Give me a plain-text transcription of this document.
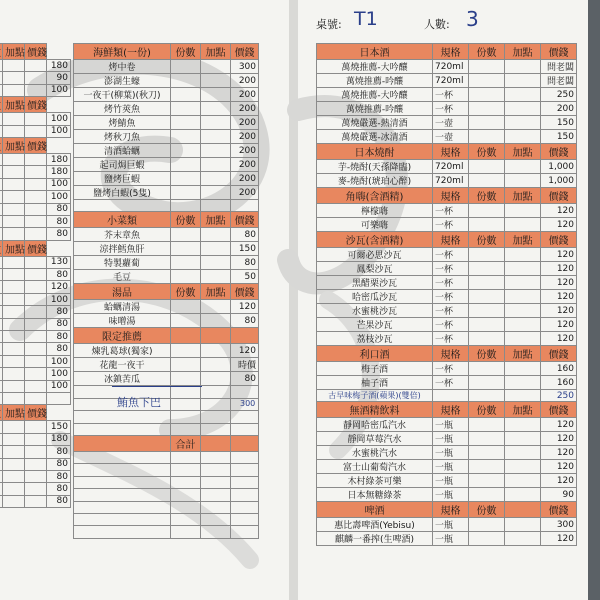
	加點	價錢	
			180
			90
			100
	加點	價錢	
			100
			100
	加點	價錢	
			180
			180
			100
			100
			80
			80
			80
	加點	價錢	
			130
			80
			120
			100
			80
			80
			80
			80
			100
			100
			100

	加點	價錢	
			150
			180
			80
			80
			80
			80
			80
海鮮類(一份)	份數	加點	價錢
烤中卷			300
澎湖生蠔			200
一夜干(柳葉)(秋刀)			200
烤竹莢魚			200
烤鯖魚			200
烤秋刀魚			200
清酒蛤蠣			200
起司焗巨蝦			200
鹽烤巨蝦			200
鹽烤白蝦(5隻)			200

小菜類	份數	加點	價錢
芥末章魚			80
涼拌鱈魚肝			150
特製蘿蔔			80
毛豆			50
湯品	份數	加點	價錢
蛤蠣清湯			120
味噌湯			80
限定推薦			
煉乳葛球(獨家)			120
花龍一夜干			時價
冰鎮苦瓜			80

	合計		

鮪魚下巴	300
桌號: T1	人數: 3
日本酒	規格	份數	加點	價錢
萬燒推薦-大吟釀	720ml			問老闆
萬燒推薦-吟釀	720ml			問老闆
萬燒推薦-大吟釀	一杯			250
萬燒推薦-吟釀	一杯			200
萬燒嚴選-熱清酒	一壺			150
萬燒嚴選-冰清酒	一壺			150
日本燒酎	規格	份數	加點	價錢
芋-燒酎(天孫降臨)	720ml			1,000
麥-燒酎(琥珀心醉)	720ml			1,000
角嗨(含酒精)	規格	份數	加點	價錢
檸檬嗨	一杯			120
可樂嗨	一杯			120
沙瓦(含酒精)	規格	份數	加點	價錢
可爾必思沙瓦	一杯			120
鳳梨沙瓦	一杯			120
黑醋栗沙瓦	一杯			120
哈密瓜沙瓦	一杯			120
水蜜桃沙瓦	一杯			120
芒果沙瓦	一杯			120
荔枝沙瓦	一杯			120
利口酒	規格	份數	加點	價錢
梅子酒	一杯			160
柚子酒	一杯			160
古早味梅子酒(蘋果)(雙倍)				250
無酒精飲料	規格	份數	加點	價錢
靜岡哈密瓜汽水	一瓶			120
靜岡草莓汽水	一瓶			120
水蜜桃汽水	一瓶			120
富士山葡萄汽水	一瓶			120
木村綠茶可樂	一瓶			120
日本無糖綠茶	一瓶			90
啤酒	規格	份數		價錢
惠比壽啤酒(Yebisu)	一瓶			300
麒麟一番搾(生啤酒)	一瓶			120
